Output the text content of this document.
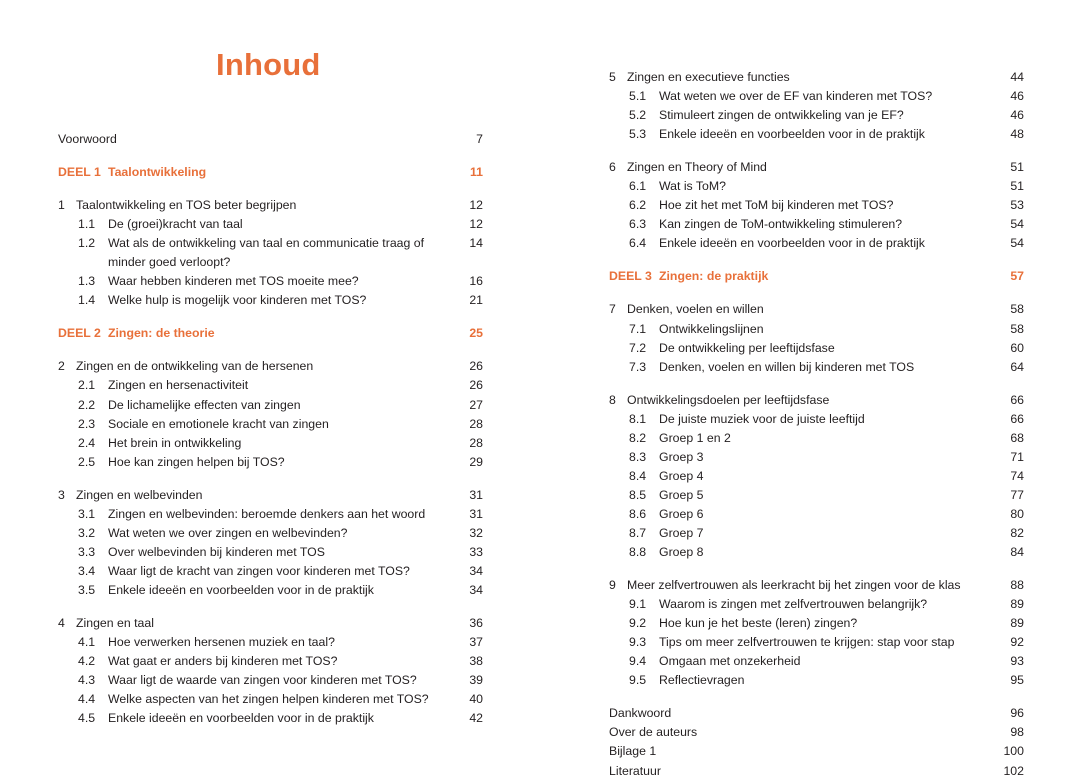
Inhoud
Voorwoord	7
DEEL 1 Taalontwikkeling	11
1 Taalontwikkeling en TOS beter begrijpen	12
1.1 De (groei)kracht van taal	12
1.2 Wat als de ontwikkeling van taal en communicatie traag of	14
minder goed verloopt?
1.3 Waar hebben kinderen met TOS moeite mee?	16
1.4 Welke hulp is mogelijk voor kinderen met TOS?	21
DEEL 2 Zingen: de theorie	25
2 Zingen en de ontwikkeling van de hersenen	26
2.1 Zingen en hersenactiviteit	26
2.2 De lichamelijke effecten van zingen	27
2.3 Sociale en emotionele kracht van zingen	28
2.4 Het brein in ontwikkeling	28
2.5 Hoe kan zingen helpen bij TOS?	29
3 Zingen en welbevinden	31
3.1 Zingen en welbevinden: beroemde denkers aan het woord	31
3.2 Wat weten we over zingen en welbevinden?	32
3.3 Over welbevinden bij kinderen met TOS	33
3.4 Waar ligt de kracht van zingen voor kinderen met TOS?	34
3.5 Enkele ideeën en voorbeelden voor in de praktijk	34
4 Zingen en taal	36
4.1 Hoe verwerken hersenen muziek en taal?	37
4.2 Wat gaat er anders bij kinderen met TOS?	38
4.3 Waar ligt de waarde van zingen voor kinderen met TOS?	39
4.4 Welke aspecten van het zingen helpen kinderen met TOS?	40
4.5 Enkele ideeën en voorbeelden voor in de praktijk	42
5 Zingen en executieve functies	44
5.1 Wat weten we over de EF van kinderen met TOS?	46
5.2 Stimuleert zingen de ontwikkeling van je EF?	46
5.3 Enkele ideeën en voorbeelden voor in de praktijk	48
6 Zingen en Theory of Mind	51
6.1 Wat is ToM?	51
6.2 Hoe zit het met ToM bij kinderen met TOS?	53
6.3 Kan zingen de ToM-ontwikkeling stimuleren?	54
6.4 Enkele ideeën en voorbeelden voor in de praktijk	54
DEEL 3 Zingen: de praktijk	57
7 Denken, voelen en willen	58
7.1 Ontwikkelingslijnen	58
7.2 De ontwikkeling per leeftijdsfase	60
7.3 Denken, voelen en willen bij kinderen met TOS	64
8 Ontwikkelingsdoelen per leeftijdsfase	66
8.1 De juiste muziek voor de juiste leeftijd	66
8.2 Groep 1 en 2	68
8.3 Groep 3	71
8.4 Groep 4	74
8.5 Groep 5	77
8.6 Groep 6	80
8.7 Groep 7	82
8.8 Groep 8	84
9 Meer zelfvertrouwen als leerkracht bij het zingen voor de klas	88
9.1 Waarom is zingen met zelfvertrouwen belangrijk?	89
9.2 Hoe kun je het beste (leren) zingen?	89
9.3 Tips om meer zelfvertrouwen te krijgen: stap voor stap	92
9.4 Omgaan met onzekerheid	93
9.5 Reflectievragen	95
Dankwoord	96
Over de auteurs	98
Bijlage 1	100
Literatuur	102
